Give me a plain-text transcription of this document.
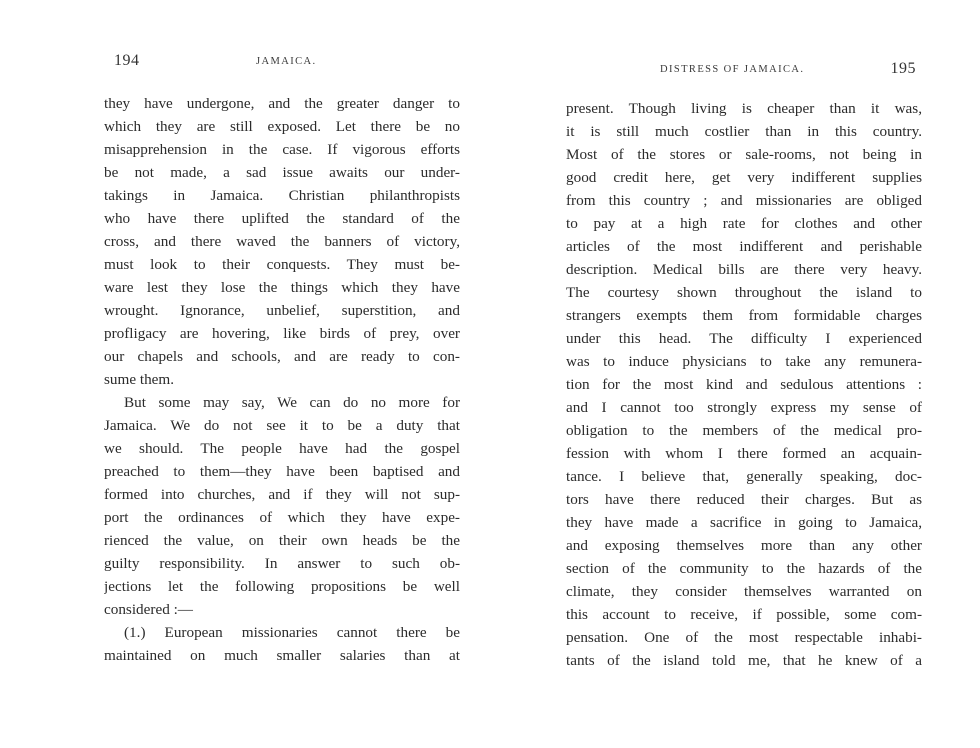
194	JAMAICA.
they have undergone, and the greater danger to
which they are still exposed. Let there be no
misapprehension in the case. If vigorous efforts
be not made, a sad issue awaits our under-
takings in Jamaica. Christian philanthropists
who have there uplifted the standard of the
cross, and there waved the banners of victory,
must look to their conquests. They must be-
ware lest they lose the things which they have
wrought. Ignorance, unbelief, superstition, and
profligacy are hovering, like birds of prey, over
our chapels and schools, and are ready to con-
sume them.
But some may say, We can do no more for
Jamaica. We do not see it to be a duty that
we should. The people have had the gospel
preached to them—they have been baptised and
formed into churches, and if they will not sup-
port the ordinances of which they have expe-
rienced the value, on their own heads be the
guilty responsibility. In answer to such ob-
jections let the following propositions be well
considered :—
(1.) European missionaries cannot there be
maintained on much smaller salaries than at
DISTRESS OF JAMAICA.	195
present. Though living is cheaper than it was,
it is still much costlier than in this country.
Most of the stores or sale-rooms, not being in
good credit here, get very indifferent supplies
from this country ; and missionaries are obliged
to pay at a high rate for clothes and other
articles of the most indifferent and perishable
description. Medical bills are there very heavy.
The courtesy shown throughout the island to
strangers exempts them from formidable charges
under this head. The difficulty I experienced
was to induce physicians to take any remunera-
tion for the most kind and sedulous attentions :
and I cannot too strongly express my sense of
obligation to the members of the medical pro-
fession with whom I there formed an acquain-
tance. I believe that, generally speaking, doc-
tors have there reduced their charges. But as
they have made a sacrifice in going to Jamaica,
and exposing themselves more than any other
section of the community to the hazards of the
climate, they consider themselves warranted on
this account to receive, if possible, some com-
pensation. One of the most respectable inhabi-
tants of the island told me, that he knew of a
